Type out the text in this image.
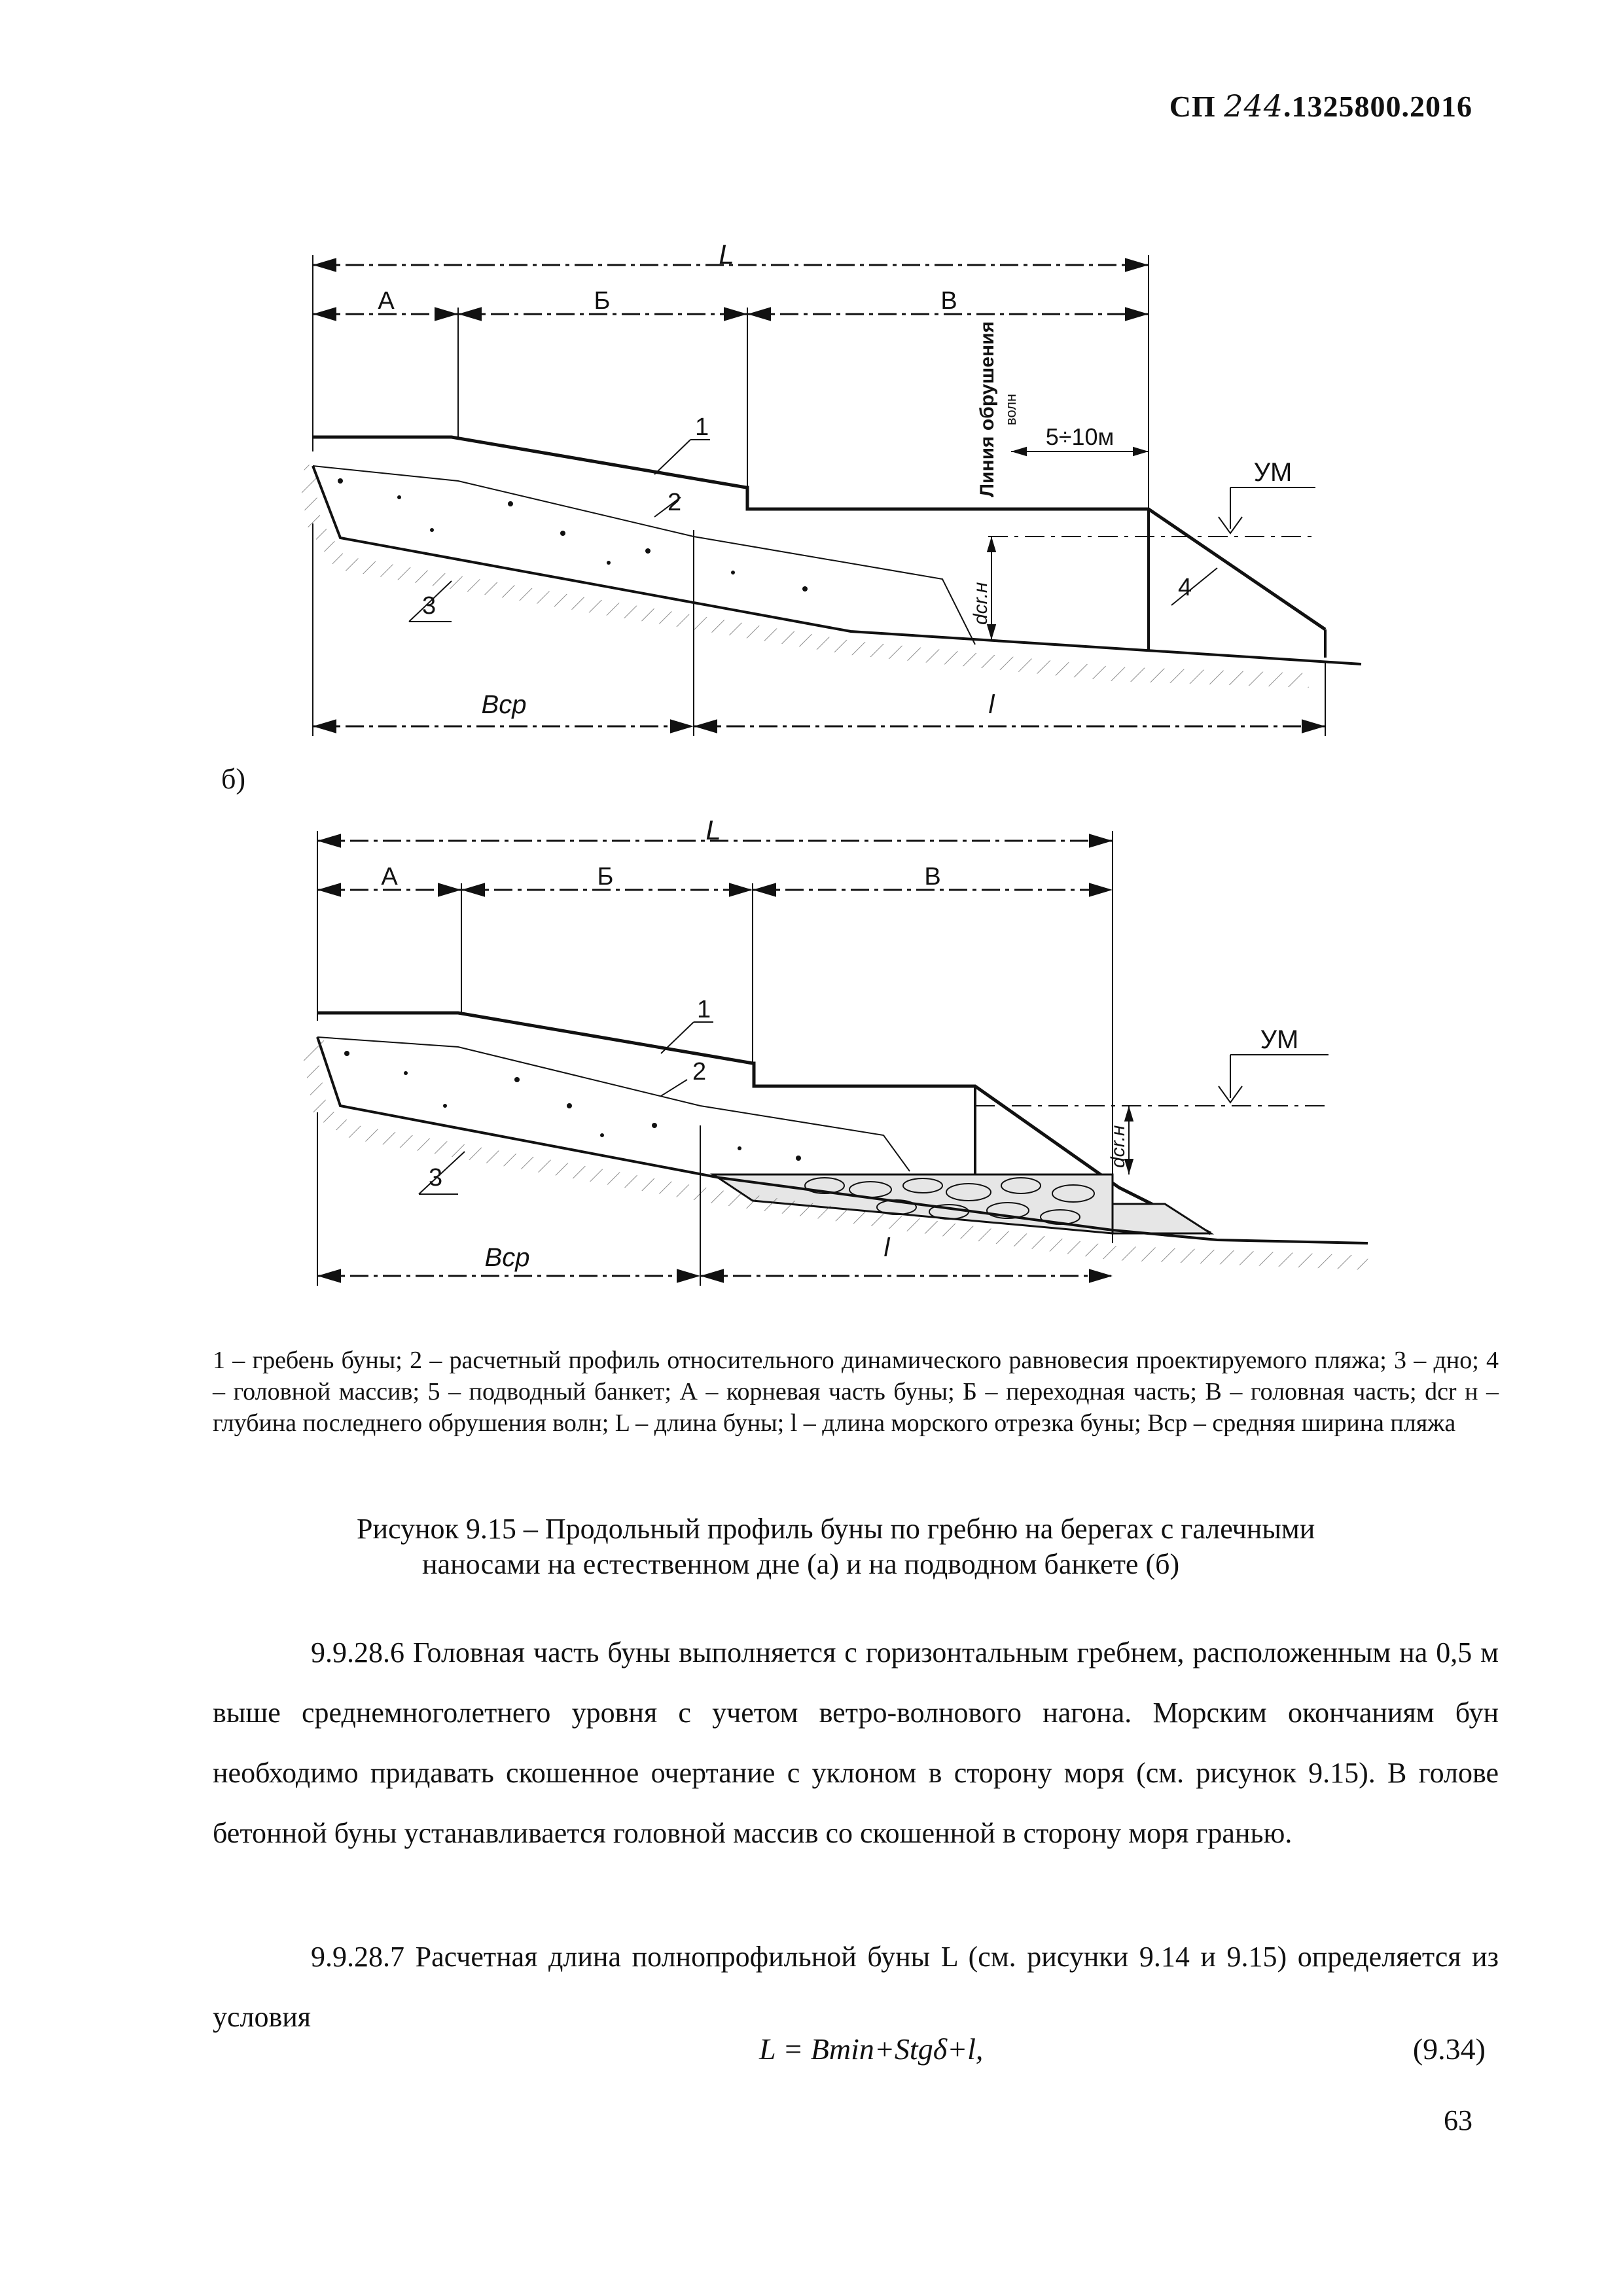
СП 244.1325800.2016
L
А	Б	В
Линия обрушения волн
5÷10м
УМ
1
2
3
4
dcr.н
Bср	l
L
А	Б	В
УМ
1
2
3
dcr.н
Bср	l
б)
1 – гребень буны; 2 – расчетный профиль относительного динамического равновесия проектируемого пляжа; 3 – дно; 4 – головной массив; 5 – подводный банкет; А – корневая часть буны; Б – переходная часть; В – головная часть; dcr н – глубина последнего обрушения волн; L – длина буны; l – длина морского отрезка буны; Bср – средняя ширина пляжа
Рисунок 9.15 – Продольный профиль буны по гребню на берегах с галечными
наносами на естественном дне (а) и на подводном банкете (б)
9.9.28.6 Головная часть буны выполняется с горизонтальным гребнем, расположенным на 0,5 м выше среднемноголетнего уровня с учетом ветро-волнового нагона. Морским окончаниям бун необходимо придавать скошенное очертание с уклоном в сторону моря (см. рисунок 9.15). В голове бетонной буны устанавливается головной массив со скошенной в сторону моря гранью.
9.9.28.7 Расчетная длина полнопрофильной буны L (см. рисунки 9.14 и 9.15) определяется из условия
L = Bmin+Stgδ+l,	(9.34)
63
